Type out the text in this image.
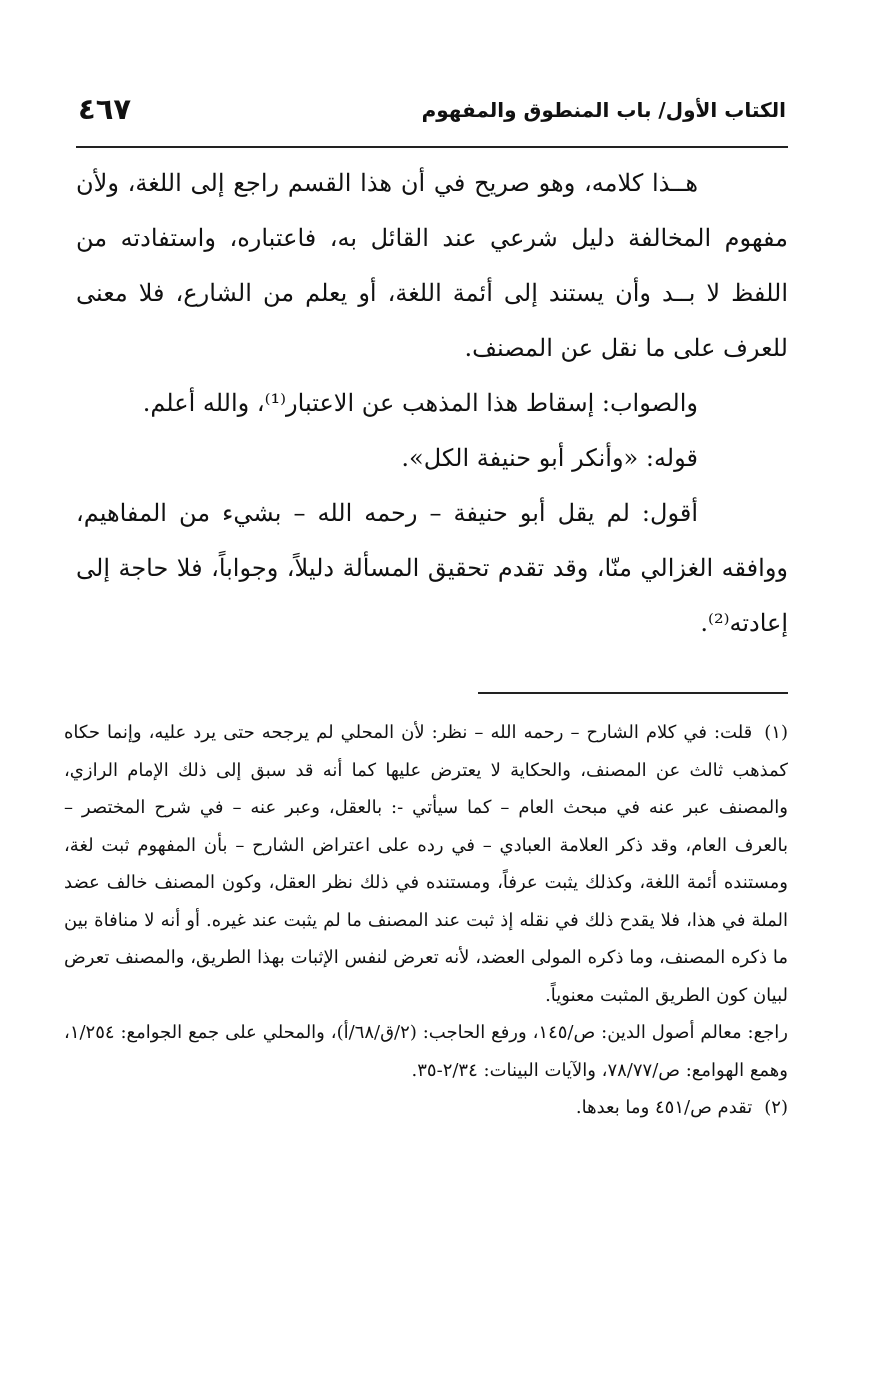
الكتاب الأول/ باب المنطوق والمفهوم
٤٦٧

هــذا كلامه، وهو صريح في أن هذا القسم راجع إلى اللغة، ولأن مفهوم المخالفة دليل شرعي عند القائل به، فاعتباره، واستفادته من اللفظ لا بــد وأن يستند إلى أئمة اللغة، أو يعلم من الشارع، فلا معنى للعرف على ما نقل عن المصنف.

والصواب: إسقاط هذا المذهب عن الاعتبار⁽¹⁾، والله أعلم.

قوله: «وأنكر أبو حنيفة الكل».

أقول: لم يقل أبو حنيفة – رحمه الله – بشيء من المفاهيم، ووافقه الغزالي منّا، وقد تقدم تحقيق المسألة دليلاً، وجواباً، فلا حاجة إلى إعادته⁽²⁾.

(١)قلت: في كلام الشارح – رحمه الله – نظر: لأن المحلي لم يرجحه حتى يرد عليه، وإنما حكاه كمذهب ثالث عن المصنف، والحكاية لا يعترض عليها كما أنه قد سبق إلى ذلك الإمام الرازي، والمصنف عبر عنه في مبحث العام – كما سيأتي -: بالعقل، وعبر عنه – في شرح المختصر – بالعرف العام، وقد ذكر العلامة العبادي – في رده على اعتراض الشارح – بأن المفهوم ثبت لغة، ومستنده أئمة اللغة، وكذلك يثبت عرفاً، ومستنده في ذلك نظر العقل، وكون المصنف خالف عضد الملة في هذا، فلا يقدح ذلك في نقله إذ ثبت عند المصنف ما لم يثبت عند غيره. أو أنه لا منافاة بين ما ذكره المصنف، وما ذكره المولى العضد، لأنه تعرض لنفس الإثبات بهذا الطريق، والمصنف تعرض لبيان كون الطريق المثبت معنوياً.

راجع: معالم أصول الدين: ص/١٤٥، ورفع الحاجب: (٢/ق/٦٨/أ)، والمحلي على جمع الجوامع: ١/٢٥٤، وهمع الهوامع: ص/٧٨/٧٧، والآيات البينات: ٢/٣٤-٣٥.

(٢)تقدم ص/٤٥١ وما بعدها.
